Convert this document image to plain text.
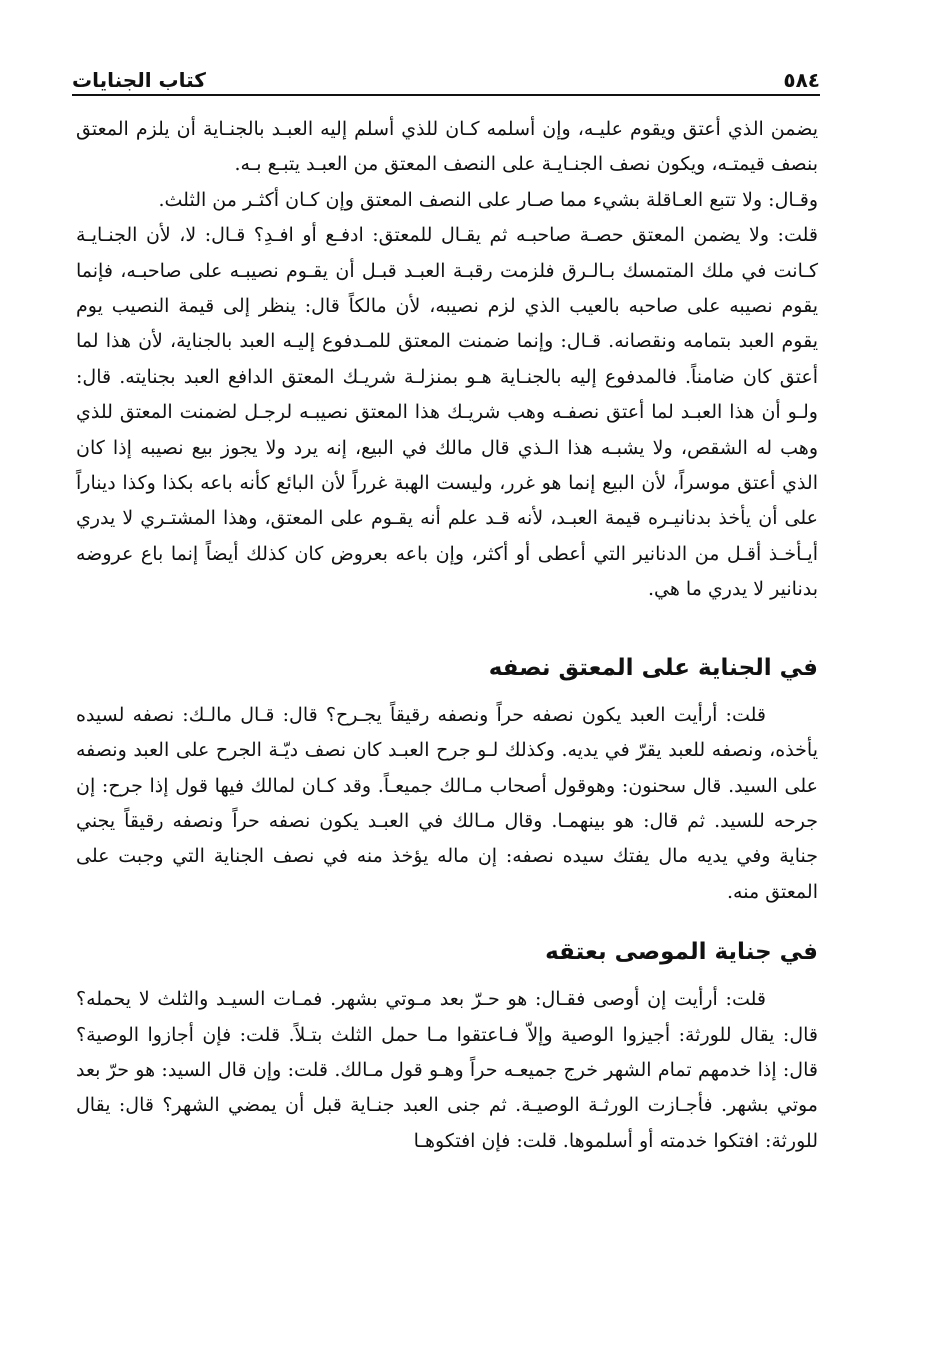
٥٨٤
كتاب الجنايات

يضمن الذي أعتق ويقوم عليـه، وإن أسلمه كـان للذي أسلم إليه العبـد بالجنـاية أن يلزم المعتق بنصف قيمتـه، ويكون نصف الجنـايـة على النصف المعتق من العبـد يتبـع بـه.

وقـال: ولا تتبع العـاقلة بشيء مما صـار على النصف المعتق وإن كـان أكثـر من الثلث.

قلت: ولا يضمن المعتق حصـة صاحبـه ثم يقـال للمعتق: ادفـع أو افـدِ؟ قـال: لا، لأن الجنـايـة كـانت في ملك المتمسك بـالـرق فلزمت رقبـة العبـد قبـل أن يقـوم نصيبـه على صاحبـه، فإنما يقوم نصيبه على صاحبه بالعيب الذي لزم نصيبه، لأن مالكاً قال: ينظر إلى قيمة النصيب يوم يقوم العبد بتمامه ونقصانه. قـال: وإنما ضمنت المعتق للمـدفوع إليـه العبد بالجناية، لأن هذا لما أعتق كان ضامناً. فالمدفوع إليه بالجنـاية هـو بمنزلـة شريـك المعتق الدافع العبد بجنايته. قال: ولـو أن هذا العبـد لما أعتق نصفـه وهب شريـك هذا المعتق نصيبـه لرجـل لضمنت المعتق للذي وهب له الشقص، ولا يشبـه هذا الـذي قال مالك في البيع، إنه يرد ولا يجوز بيع نصيبه إذا كان الذي أعتق موسراً، لأن البيع إنما هو غرر، وليست الهبة غرراً لأن البائع كأنه باعه بكذا وكذا ديناراً على أن يأخذ بدنانيـره قيمة العبـد، لأنه قـد علم أنه يقـوم على المعتق، وهذا المشتـري لا يدري أيـأخـذ أقـل من الدنانير التي أعطى أو أكثر، وإن باعه بعروض كان كذلك أيضاً إنما باع عروضه بدنانير لا يدري ما هي.

في الجناية على المعتق نصفه

قلت: أرأيت العبد يكون نصفه حراً ونصفه رقيقاً يجـرح؟ قال: قـال مالـك: نصفه لسيده يأخذه، ونصفه للعبد يقرّ في يديه. وكذلك لـو جرح العبـد كان نصف ديّـة الجرح على العبد ونصفه على السيد. قال سحنون: وهوقول أصحاب مـالك جميعـاً. وقد كـان لمالك فيها قول إذا جرح: إن جرحه للسيد. ثم قال: هو بينهمـا. وقال مـالك في العبـد يكون نصفه حراً ونصفه رقيقاً يجني جناية وفي يديه مال يفتك سيده نصفه: إن ماله يؤخذ منه في نصف الجناية التي وجبت على المعتق منه.

في جناية الموصى بعتقه

قلت: أرأيت إن أوصى فقـال: هو حـرّ بعد مـوتي بشهر. فمـات السيـد والثلث لا يحمله؟ قال: يقال للورثة: أجيزوا الوصية وإلاّ فـاعتقوا مـا حمل الثلث بتـلاً. قلت: فإن أجازوا الوصية؟ قال: إذا خدمهم تمام الشهر خرج جميعـه حراً وهـو قول مـالك. قلت: وإن قال السيد: هو حرّ بعد موتي بشهر. فأجـازت الورثـة الوصيـة. ثم جنى العبد جنـاية قبل أن يمضي الشهر؟ قال: يقال للورثة: افتكوا خدمته أو أسلموها. قلت: فإن افتكوهـا
